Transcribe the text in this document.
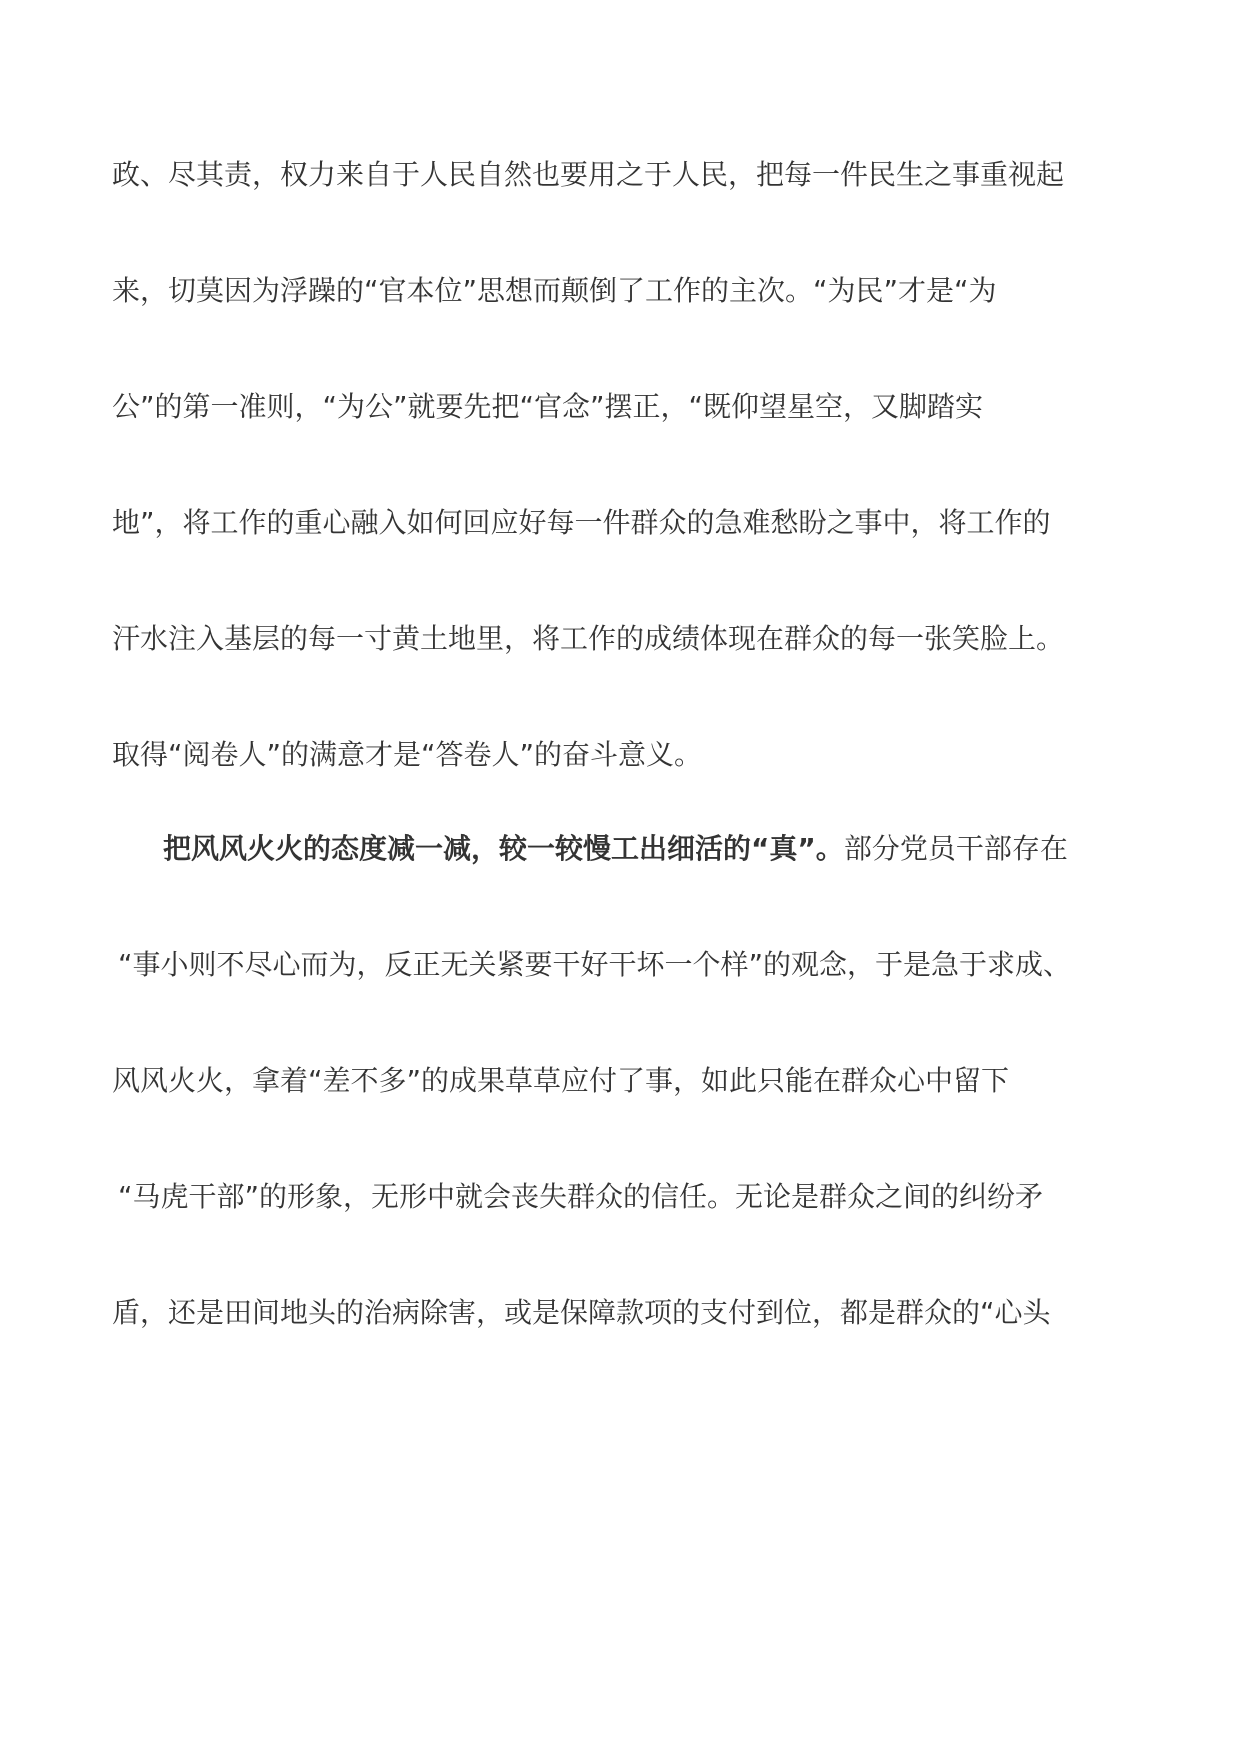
政、尽其责，权力来自于人民自然也要用之于人民，把每一件民生之事重视起
来，切莫因为浮躁的“官本位”思想而颠倒了工作的主次。“为民”才是“为
公”的第一准则，“为公”就要先把“官念”摆正，“既仰望星空，又脚踏实
地”，将工作的重心融入如何回应好每一件群众的急难愁盼之事中，将工作的
汗水注入基层的每一寸黄土地里，将工作的成绩体现在群众的每一张笑脸上。
取得“阅卷人”的满意才是“答卷人”的奋斗意义。
把风风火火的态度减一减，较一较慢工出细活的“真”。部分党员干部存在
“事小则不尽心而为，反正无关紧要干好干坏一个样”的观念，于是急于求成、
风风火火，拿着“差不多”的成果草草应付了事，如此只能在群众心中留下
“马虎干部”的形象，无形中就会丧失群众的信任。无论是群众之间的纠纷矛
盾，还是田间地头的治病除害，或是保障款项的支付到位，都是群众的“心头
